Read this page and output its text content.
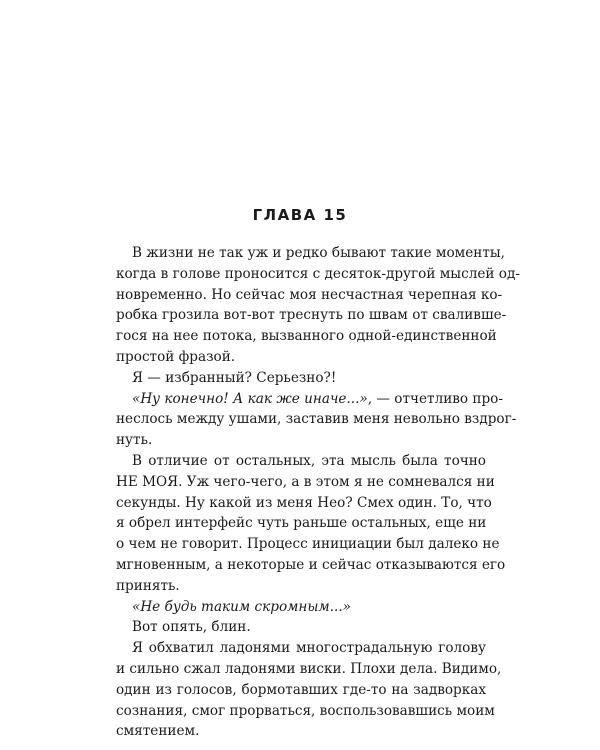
ГЛАВА 15
В жизни не так уж и редко бывают такие моменты,
когда в голове проносится с десяток-другой мыслей од-
новременно. Но сейчас моя несчастная черепная ко-
робка грозила вот-вот треснуть по швам от свалившe-
гося на нее потока, вызванного одной-единственной
простой фразой.
Я — избранный? Серьезно?!
«Ну конечно! А как же иначе...», — отчетливо про-
неслось между ушами, заставив меня невольно вздрог-
нуть.
В отличие от остальных, эта мысль была точно
НЕ МОЯ. Уж чего-чего, а в этом я не сомневался ни
секунды. Ну какой из меня Нео? Смех один. То, что
я обрел интерфейс чуть раньше остальных, еще ни
о чем не говорит. Процесс инициации был далеко не
мгновенным, а некоторые и сейчас отказываются его
принять.
«Не будь таким скромным...»
Вот опять, блин.
Я обхватил ладонями многострадальную голову
и сильно сжал ладонями виски. Плохи дела. Видимо,
один из голосов, бормотавших где-то на задворках
сознания, смог прорваться, воспользовавшись моим
смятением.
